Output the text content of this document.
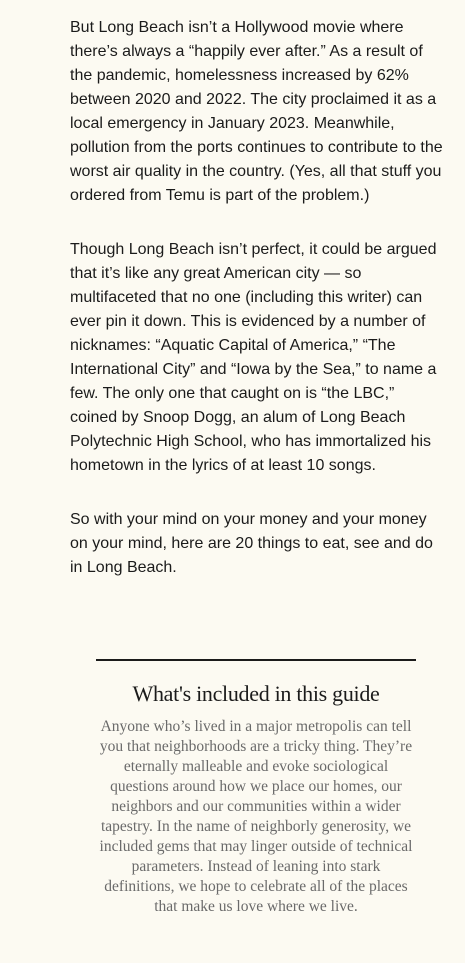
But Long Beach isn’t a Hollywood movie where there’s always a “happily ever after.” As a result of the pandemic, homelessness increased by 62% between 2020 and 2022. The city proclaimed it as a local emergency in January 2023. Meanwhile, pollution from the ports continues to contribute to the worst air quality in the country. (Yes, all that stuff you ordered from Temu is part of the problem.)

Though Long Beach isn’t perfect, it could be argued that it’s like any great American city — so multifaceted that no one (including this writer) can ever pin it down. This is evidenced by a number of nicknames: “Aquatic Capital of America,” “The International City” and “Iowa by the Sea,” to name a few. The only one that caught on is “the LBC,” coined by Snoop Dogg, an alum of Long Beach Polytechnic High School, who has immortalized his hometown in the lyrics of at least 10 songs.

So with your mind on your money and your money on your mind, here are 20 things to eat, see and do in Long Beach.

What's included in this guide
Anyone who’s lived in a major metropolis can tell you that neighborhoods are a tricky thing. They’re eternally malleable and evoke sociological questions around how we place our homes, our neighbors and our communities within a wider tapestry. In the name of neighborly generosity, we included gems that may linger outside of technical parameters. Instead of leaning into stark definitions, we hope to celebrate all of the places that make us love where we live.
